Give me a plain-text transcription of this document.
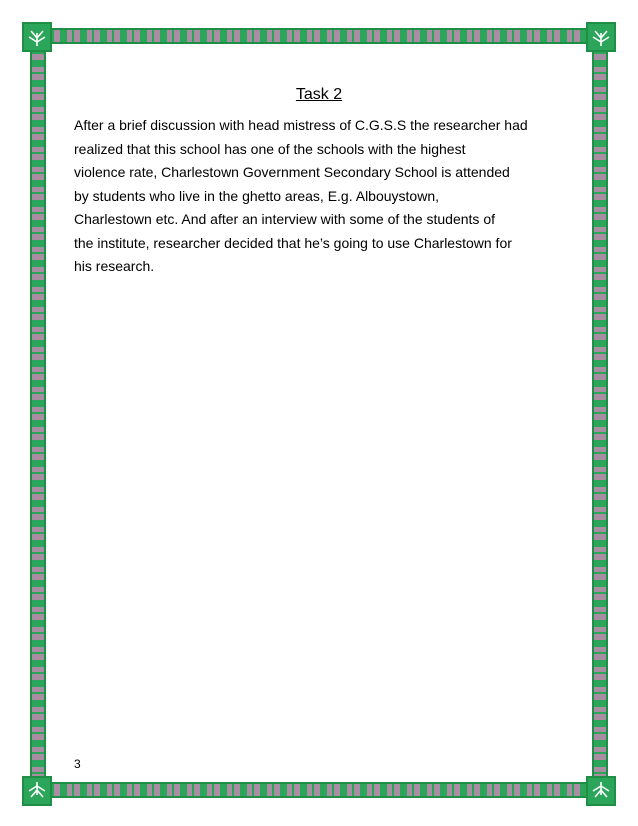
Task 2
After a brief discussion with head mistress of C.G.S.S the researcher had
realized that this school has one of the schools with the highest
violence rate, Charlestown Government Secondary School is attended
by students who live in the ghetto areas, E.g. Albouystown,
Charlestown etc. And after an interview with some of the students of
the institute, researcher decided that he’s going to use Charlestown for
his research.
3
